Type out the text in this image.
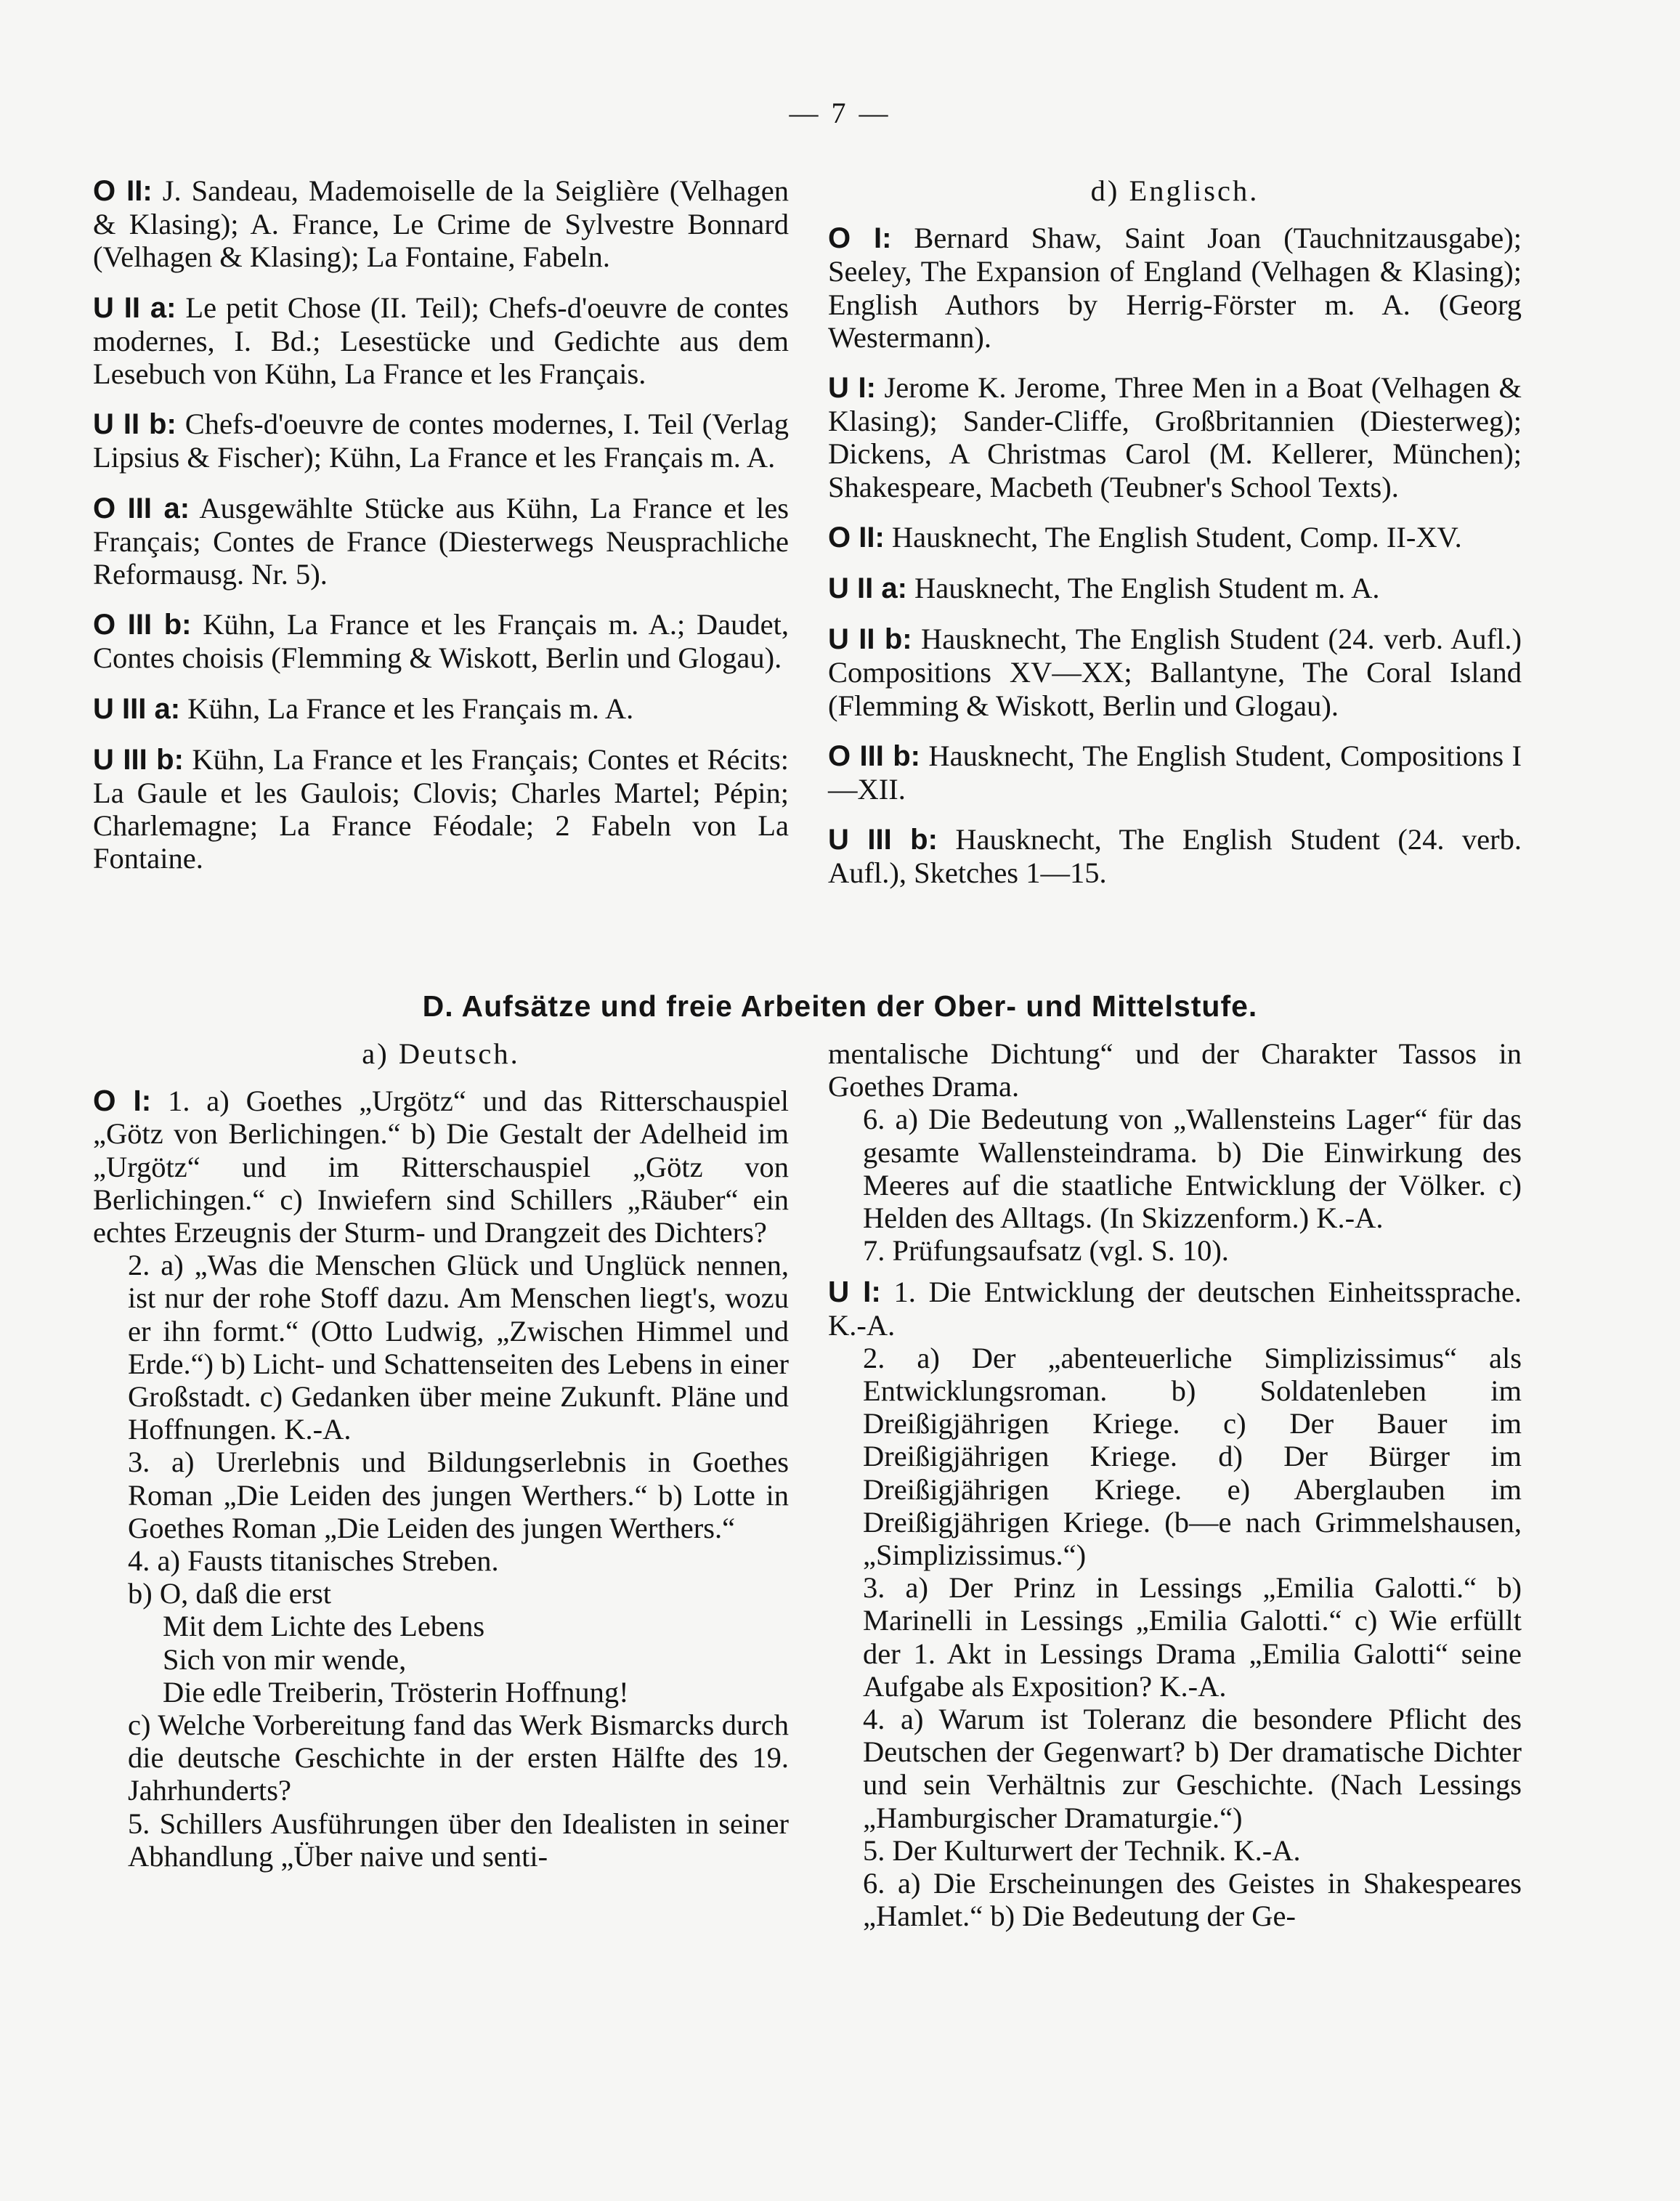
— 7 —

O II: J. Sandeau, Mademoiselle de la Seiglière (Velhagen & Klasing); A. France, Le Crime de Sylvestre Bonnard (Velhagen & Klasing); La Fontaine, Fabeln.

U II a: Le petit Chose (II. Teil); Chefs-d'oeuvre de contes modernes, I. Bd.; Lesestücke und Gedichte aus dem Lesebuch von Kühn, La France et les Français.

U II b: Chefs-d'oeuvre de contes modernes, I. Teil (Verlag Lipsius & Fischer); Kühn, La France et les Français m. A.

O III a: Ausgewählte Stücke aus Kühn, La France et les Français; Contes de France (Diesterwegs Neusprachliche Reformausg. Nr. 5).

O III b: Kühn, La France et les Français m. A.; Daudet, Contes choisis (Flemming & Wiskott, Berlin und Glogau).

U III a: Kühn, La France et les Français m. A.

U III b: Kühn, La France et les Français; Contes et Récits: La Gaule et les Gaulois; Clovis; Charles Martel; Pépin; Charlemagne; La France Féodale; 2 Fabeln von La Fontaine.

d) Englisch.

O I: Bernard Shaw, Saint Joan (Tauchnitzausgabe); Seeley, The Expansion of England (Velhagen & Klasing); English Authors by Herrig-Förster m. A. (Georg Westermann).

U I: Jerome K. Jerome, Three Men in a Boat (Velhagen & Klasing); Sander-Cliffe, Großbritannien (Diesterweg); Dickens, A Christmas Carol (M. Kellerer, München); Shakespeare, Macbeth (Teubner's School Texts).

O II: Hausknecht, The English Student, Comp. II-XV.

U II a: Hausknecht, The English Student m. A.

U II b: Hausknecht, The English Student (24. verb. Aufl.) Compositions XV—XX; Ballantyne, The Coral Island (Flemming & Wiskott, Berlin und Glogau).

O III b: Hausknecht, The English Student, Compositions I—XII.

U III b: Hausknecht, The English Student (24. verb. Aufl.), Sketches 1—15.

D. Aufsätze und freie Arbeiten der Ober- und Mittelstufe.
a) Deutsch.

O I: 1. a) Goethes „Urgötz“ und das Ritterschauspiel „Götz von Berlichingen.“ b) Die Gestalt der Adelheid im „Urgötz“ und im Ritterschauspiel „Götz von Berlichingen.“ c) Inwiefern sind Schillers „Räuber“ ein echtes Erzeugnis der Sturm- und Drangzeit des Dichters?

2. a) „Was die Menschen Glück und Unglück nennen, ist nur der rohe Stoff dazu. Am Menschen liegt's, wozu er ihn formt.“ (Otto Ludwig, „Zwischen Himmel und Erde.“) b) Licht- und Schattenseiten des Lebens in einer Großstadt. c) Gedanken über meine Zukunft. Pläne und Hoffnungen. K.-A.

3. a) Urerlebnis und Bildungserlebnis in Goethes Roman „Die Leiden des jungen Werthers.“ b) Lotte in Goethes Roman „Die Leiden des jungen Werthers.“

4. a) Fausts titanisches Streben.

b) O, daß die erst

Mit dem Lichte des Lebens

Sich von mir wende,

Die edle Treiberin, Trösterin Hoffnung!

c) Welche Vorbereitung fand das Werk Bismarcks durch die deutsche Geschichte in der ersten Hälfte des 19. Jahrhunderts?

5. Schillers Ausführungen über den Idealisten in seiner Abhandlung „Über naive und senti-

mentalische Dichtung“ und der Charakter Tassos in Goethes Drama.

6. a) Die Bedeutung von „Wallensteins Lager“ für das gesamte Wallensteindrama. b) Die Einwirkung des Meeres auf die staatliche Entwicklung der Völker. c) Helden des Alltags. (In Skizzenform.) K.-A.

7. Prüfungsaufsatz (vgl. S. 10).

U I: 1. Die Entwicklung der deutschen Einheitssprache. K.-A.

2. a) Der „abenteuerliche Simplizissimus“ als Entwicklungsroman. b) Soldatenleben im Dreißigjährigen Kriege. c) Der Bauer im Dreißigjährigen Kriege. d) Der Bürger im Dreißigjährigen Kriege. e) Aberglauben im Dreißigjährigen Kriege. (b—e nach Grimmelshausen, „Simplizissimus.“)

3. a) Der Prinz in Lessings „Emilia Galotti.“ b) Marinelli in Lessings „Emilia Galotti.“ c) Wie erfüllt der 1. Akt in Lessings Drama „Emilia Galotti“ seine Aufgabe als Exposition? K.-A.

4. a) Warum ist Toleranz die besondere Pflicht des Deutschen der Gegenwart? b) Der dramatische Dichter und sein Verhältnis zur Geschichte. (Nach Lessings „Hamburgischer Dramaturgie.“)

5. Der Kulturwert der Technik. K.-A.

6. a) Die Erscheinungen des Geistes in Shakespeares „Hamlet.“ b) Die Bedeutung der Ge-
